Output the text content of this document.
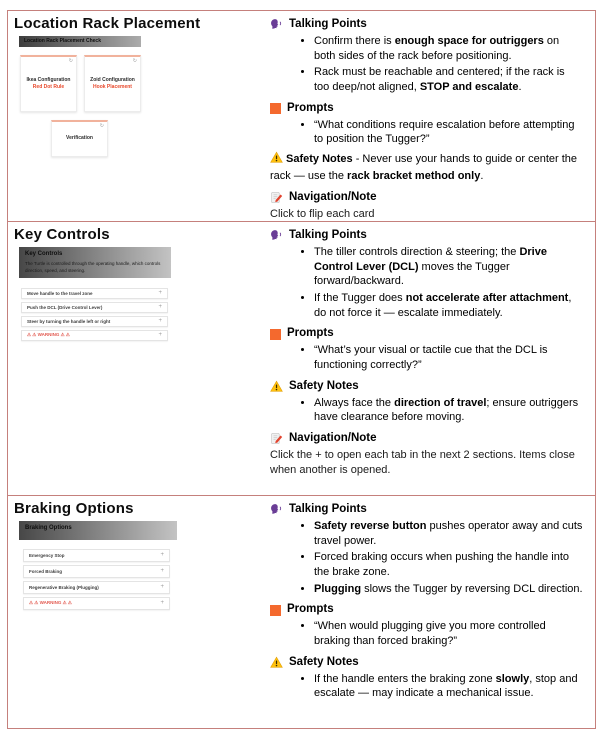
Location Rack Placement
Location Rack Placement Check
↻
Ikea Configuration
Red Dot Rule
↻
Zoid Configuration
Hook Placement
↻
Verification
Talking Points
• Confirm there is enough space for outriggers on both sides of the rack before positioning.
• Rack must be reachable and centered; if the rack is too deep/not aligned, STOP and escalate.
Prompts
• “What conditions require escalation before attempting to position the Tugger?”

Safety Notes - Never use your hands to guide or center the rack — use the rack bracket method only.

Navigation/Note

Click to flip each card

Key Controls
Key Controls
The Turtle is controlled through the operating handle, which controls direction, speed, and steering.
Move handle to the travel zone	+
Push the DCL (Drive Control Lever)	+
Steer by turning the handle left or right	+
⚠ ⚠ WARNING ⚠ ⚠	+
Talking Points
• The tiller controls direction & steering; the Drive Control Lever (DCL) moves the Tugger forward/backward.
• If the Tugger does not accelerate after attachment, do not force it — escalate immediately.
Prompts
• “What’s your visual or tactile cue that the DCL is functioning correctly?”
Safety Notes
• Always face the direction of travel; ensure outriggers have clearance before moving.
Navigation/Note

Click the + to open each tab in the next 2 sections. Items close when another is opened.

Braking Options
Braking Options
Emergency Stop	+
Forced Braking	+
Regenerative Braking (Plugging)	+
⚠ ⚠ WARNING ⚠ ⚠	+
Talking Points
• Safety reverse button pushes operator away and cuts travel power.
• Forced braking occurs when pushing the handle into the brake zone.
• Plugging slows the Tugger by reversing DCL direction.
Prompts
• “When would plugging give you more controlled braking than forced braking?”
Safety Notes
• If the handle enters the braking zone slowly, stop and escalate — may indicate a mechanical issue.
